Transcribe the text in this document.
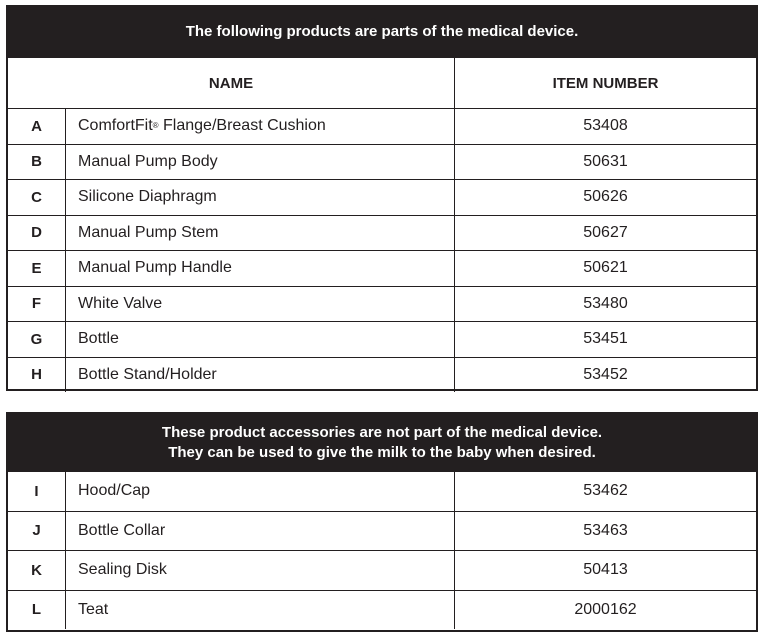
The following products are parts of the medical device.
NAME	ITEM NUMBER
A	ComfortFit ® Flange/Breast Cushion	53408
B	Manual Pump Body	50631
C	Silicone Diaphragm	50626
D	Manual Pump Stem	50627
E	Manual Pump Handle	50621
F	White Valve	53480
G	Bottle	53451
H	Bottle Stand/Holder	53452
These product accessories are not part of the medical device.
They can be used to give the milk to the baby when desired.
I	Hood/Cap	53462
J	Bottle Collar	53463
K	Sealing Disk	50413
L	Teat	2000162
